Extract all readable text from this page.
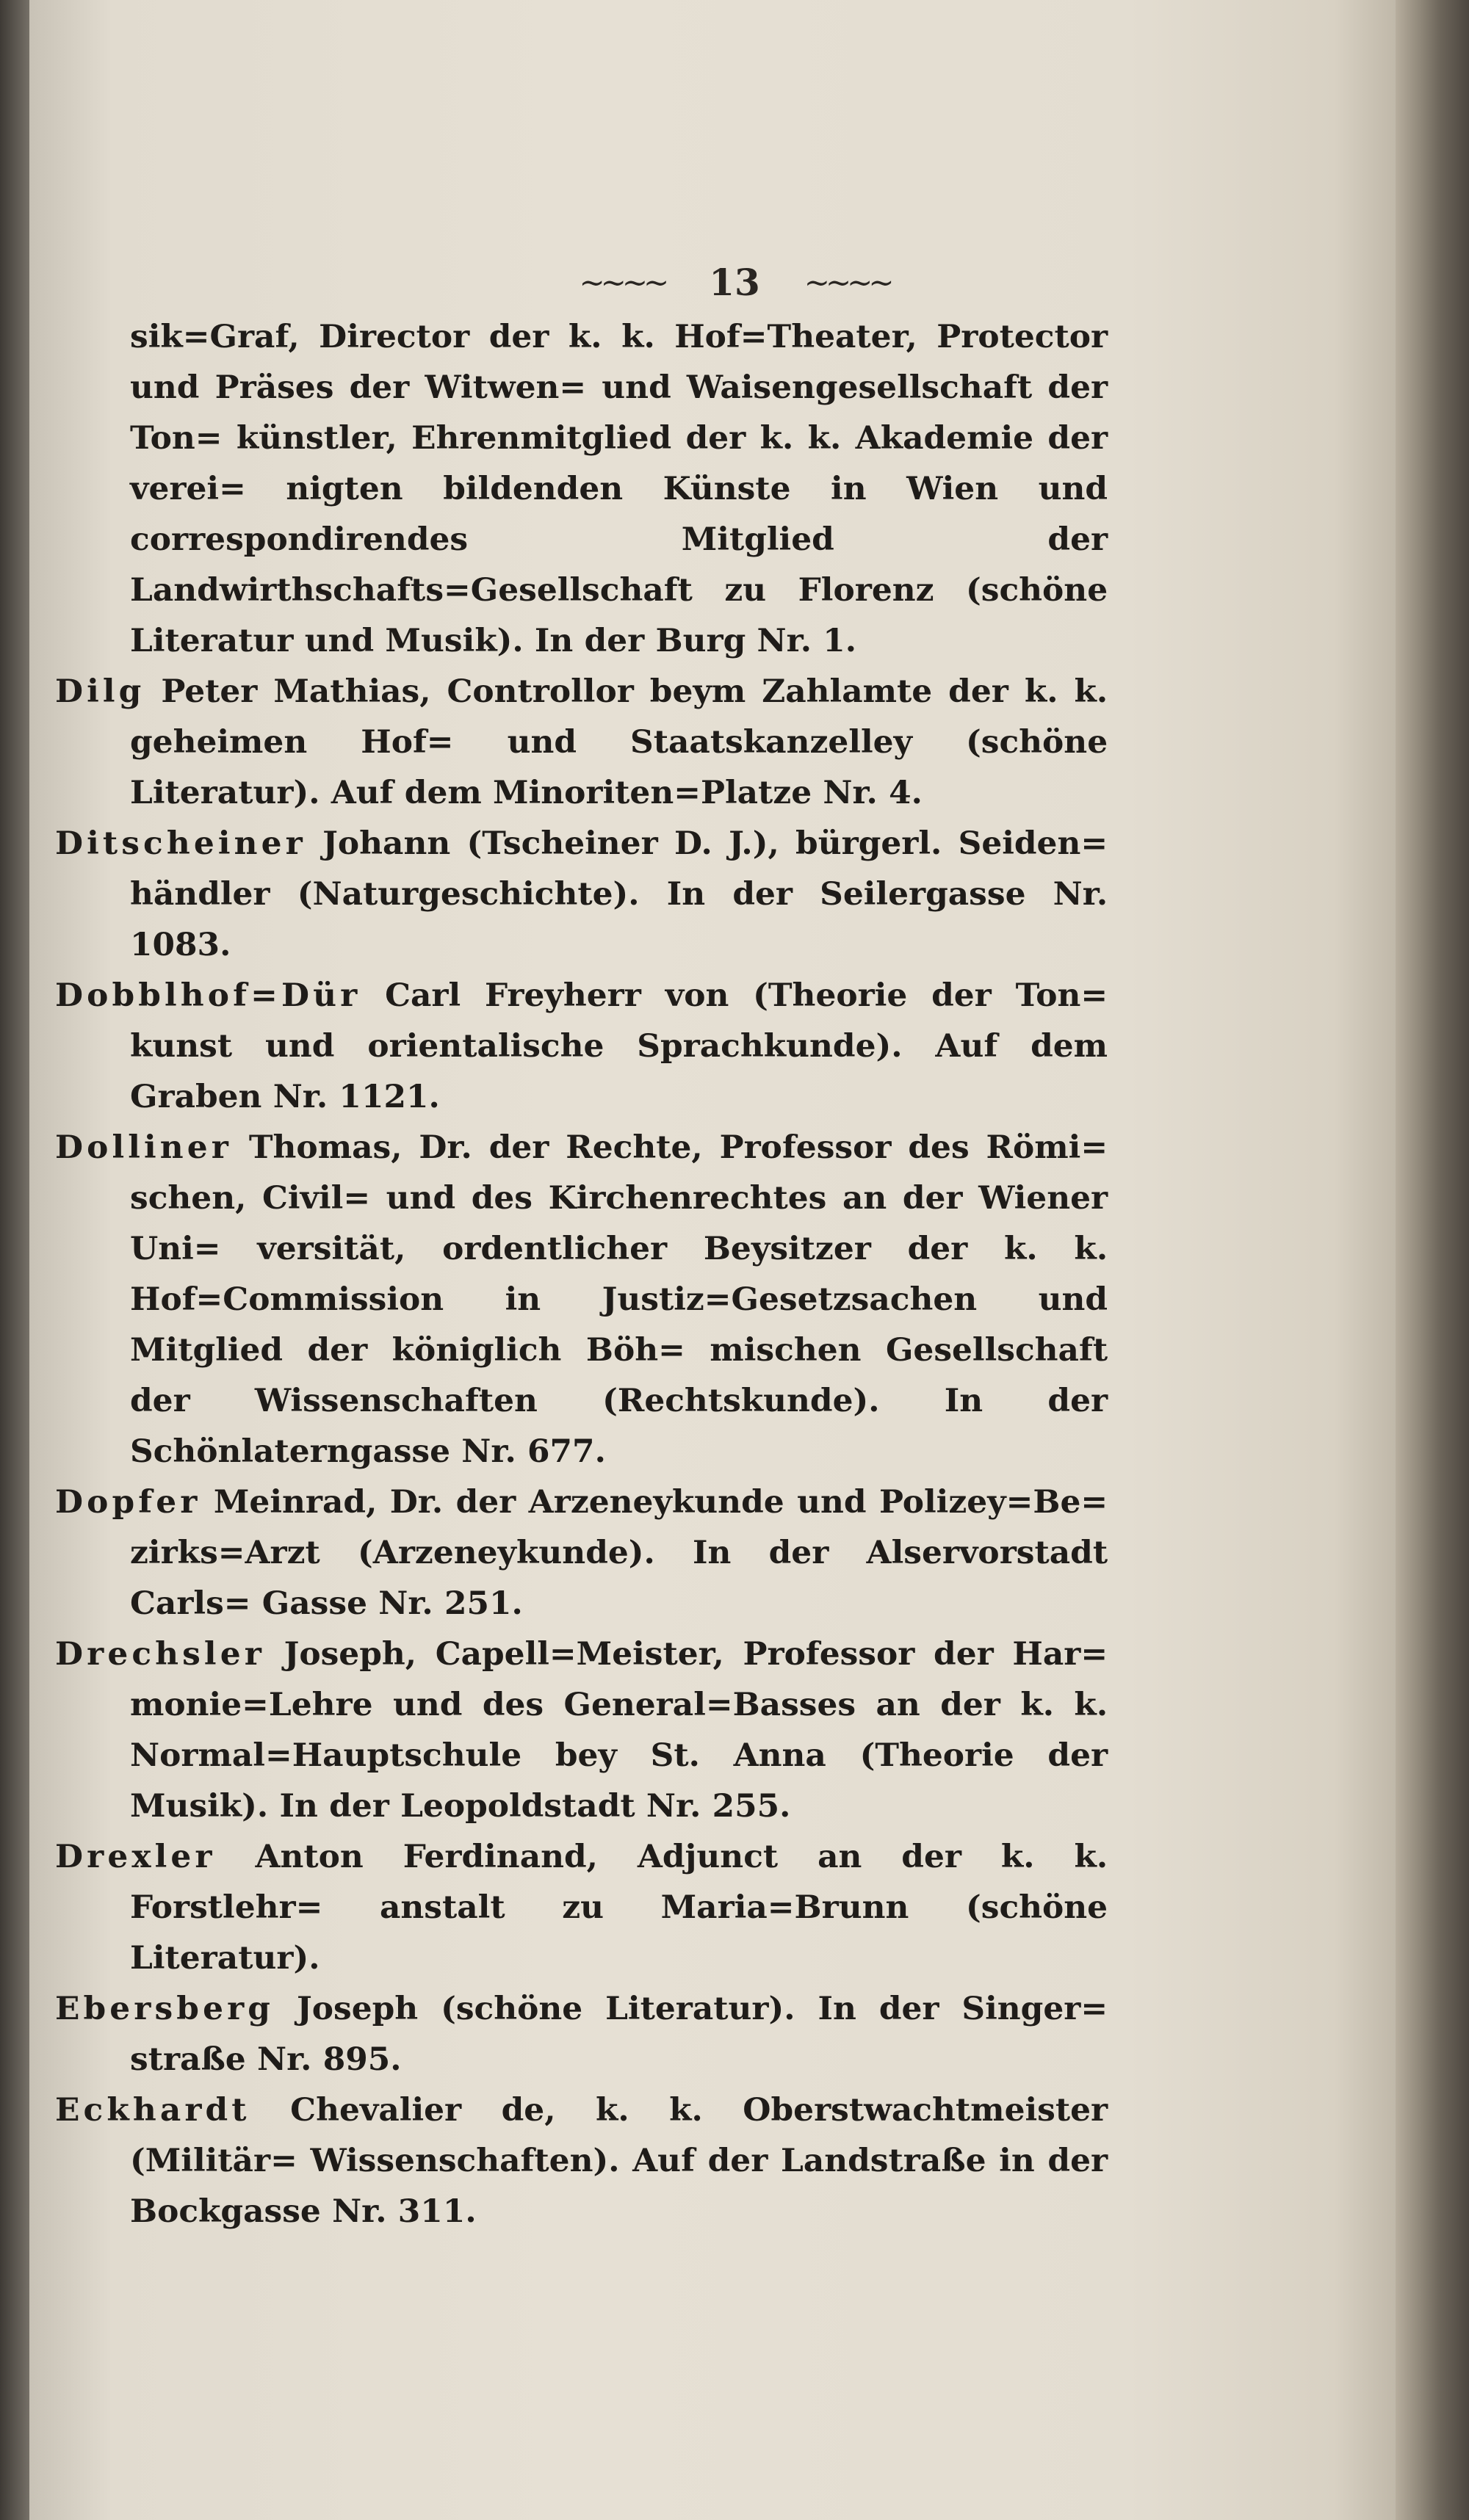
~~~~ 13 ~~~~

sik=Graf, Director der k. k. Hof=Theater, Protector und Präses der Witwen= und Waisengesellschaft der Ton= künstler, Ehrenmitglied der k. k. Akademie der verei= nigten bildenden Künste in Wien und correspondirendes Mitglied der Landwirthschafts=Gesellschaft zu Florenz (schöne Literatur und Musik). In der Burg Nr. 1.

Dilg Peter Mathias, Controllor beym Zahlamte der k. k. geheimen Hof= und Staatskanzelley (schöne Literatur). Auf dem Minoriten=Platze Nr. 4.

Ditscheiner Johann (Tscheiner D. J.), bürgerl. Seiden= händler (Naturgeschichte). In der Seilergasse Nr. 1083.

Dobblhof=Dür Carl Freyherr von (Theorie der Ton= kunst und orientalische Sprachkunde). Auf dem Graben Nr. 1121.

Dolliner Thomas, Dr. der Rechte, Professor des Römi= schen, Civil= und des Kirchenrechtes an der Wiener Uni= versität, ordentlicher Beysitzer der k. k. Hof=Commission in Justiz=Gesetzsachen und Mitglied der königlich Böh= mischen Gesellschaft der Wissenschaften (Rechtskunde). In der Schönlaterngasse Nr. 677.

Dopfer Meinrad, Dr. der Arzeneykunde und Polizey=Be= zirks=Arzt (Arzeneykunde). In der Alservorstadt Carls= Gasse Nr. 251.

Drechsler Joseph, Capell=Meister, Professor der Har= monie=Lehre und des General=Basses an der k. k. Normal=Hauptschule bey St. Anna (Theorie der Musik). In der Leopoldstadt Nr. 255.

Drexler Anton Ferdinand, Adjunct an der k. k. Forstlehr= anstalt zu Maria=Brunn (schöne Literatur).

Ebersberg Joseph (schöne Literatur). In der Singer= straße Nr. 895.

Eckhardt Chevalier de, k. k. Oberstwachtmeister (Militär= Wissenschaften). Auf der Landstraße in der Bockgasse Nr. 311.
